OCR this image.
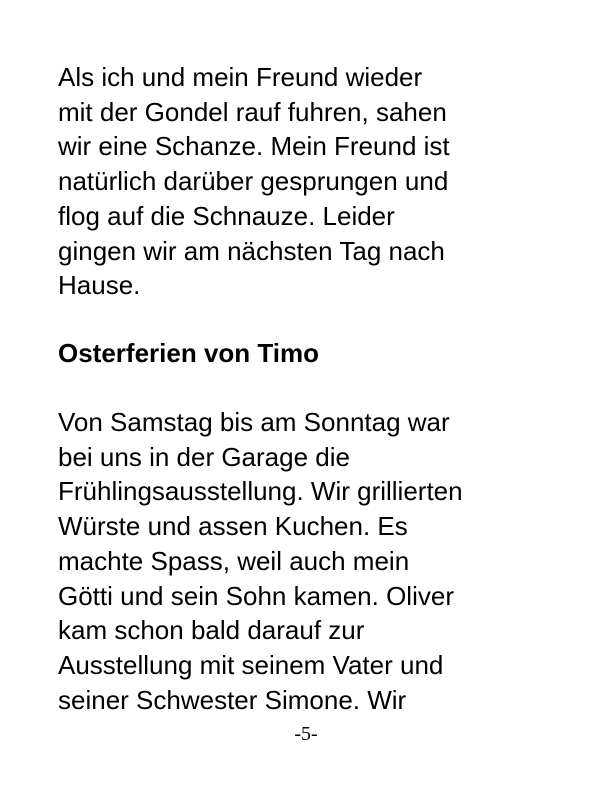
Als ich und mein Freund wieder
mit der Gondel rauf fuhren, sahen
wir eine Schanze. Mein Freund ist
natürlich darüber gesprungen und
flog auf die Schnauze. Leider
gingen wir am nächsten Tag nach
Hause.

Osterferien von Timo

Von Samstag bis am Sonntag war
bei uns in der Garage die
Frühlingsausstellung. Wir grillierten
Würste und assen Kuchen. Es
machte Spass, weil auch mein
Götti und sein Sohn kamen. Oliver
kam schon bald darauf zur
Ausstellung mit seinem Vater und
seiner Schwester Simone. Wir

-5-
